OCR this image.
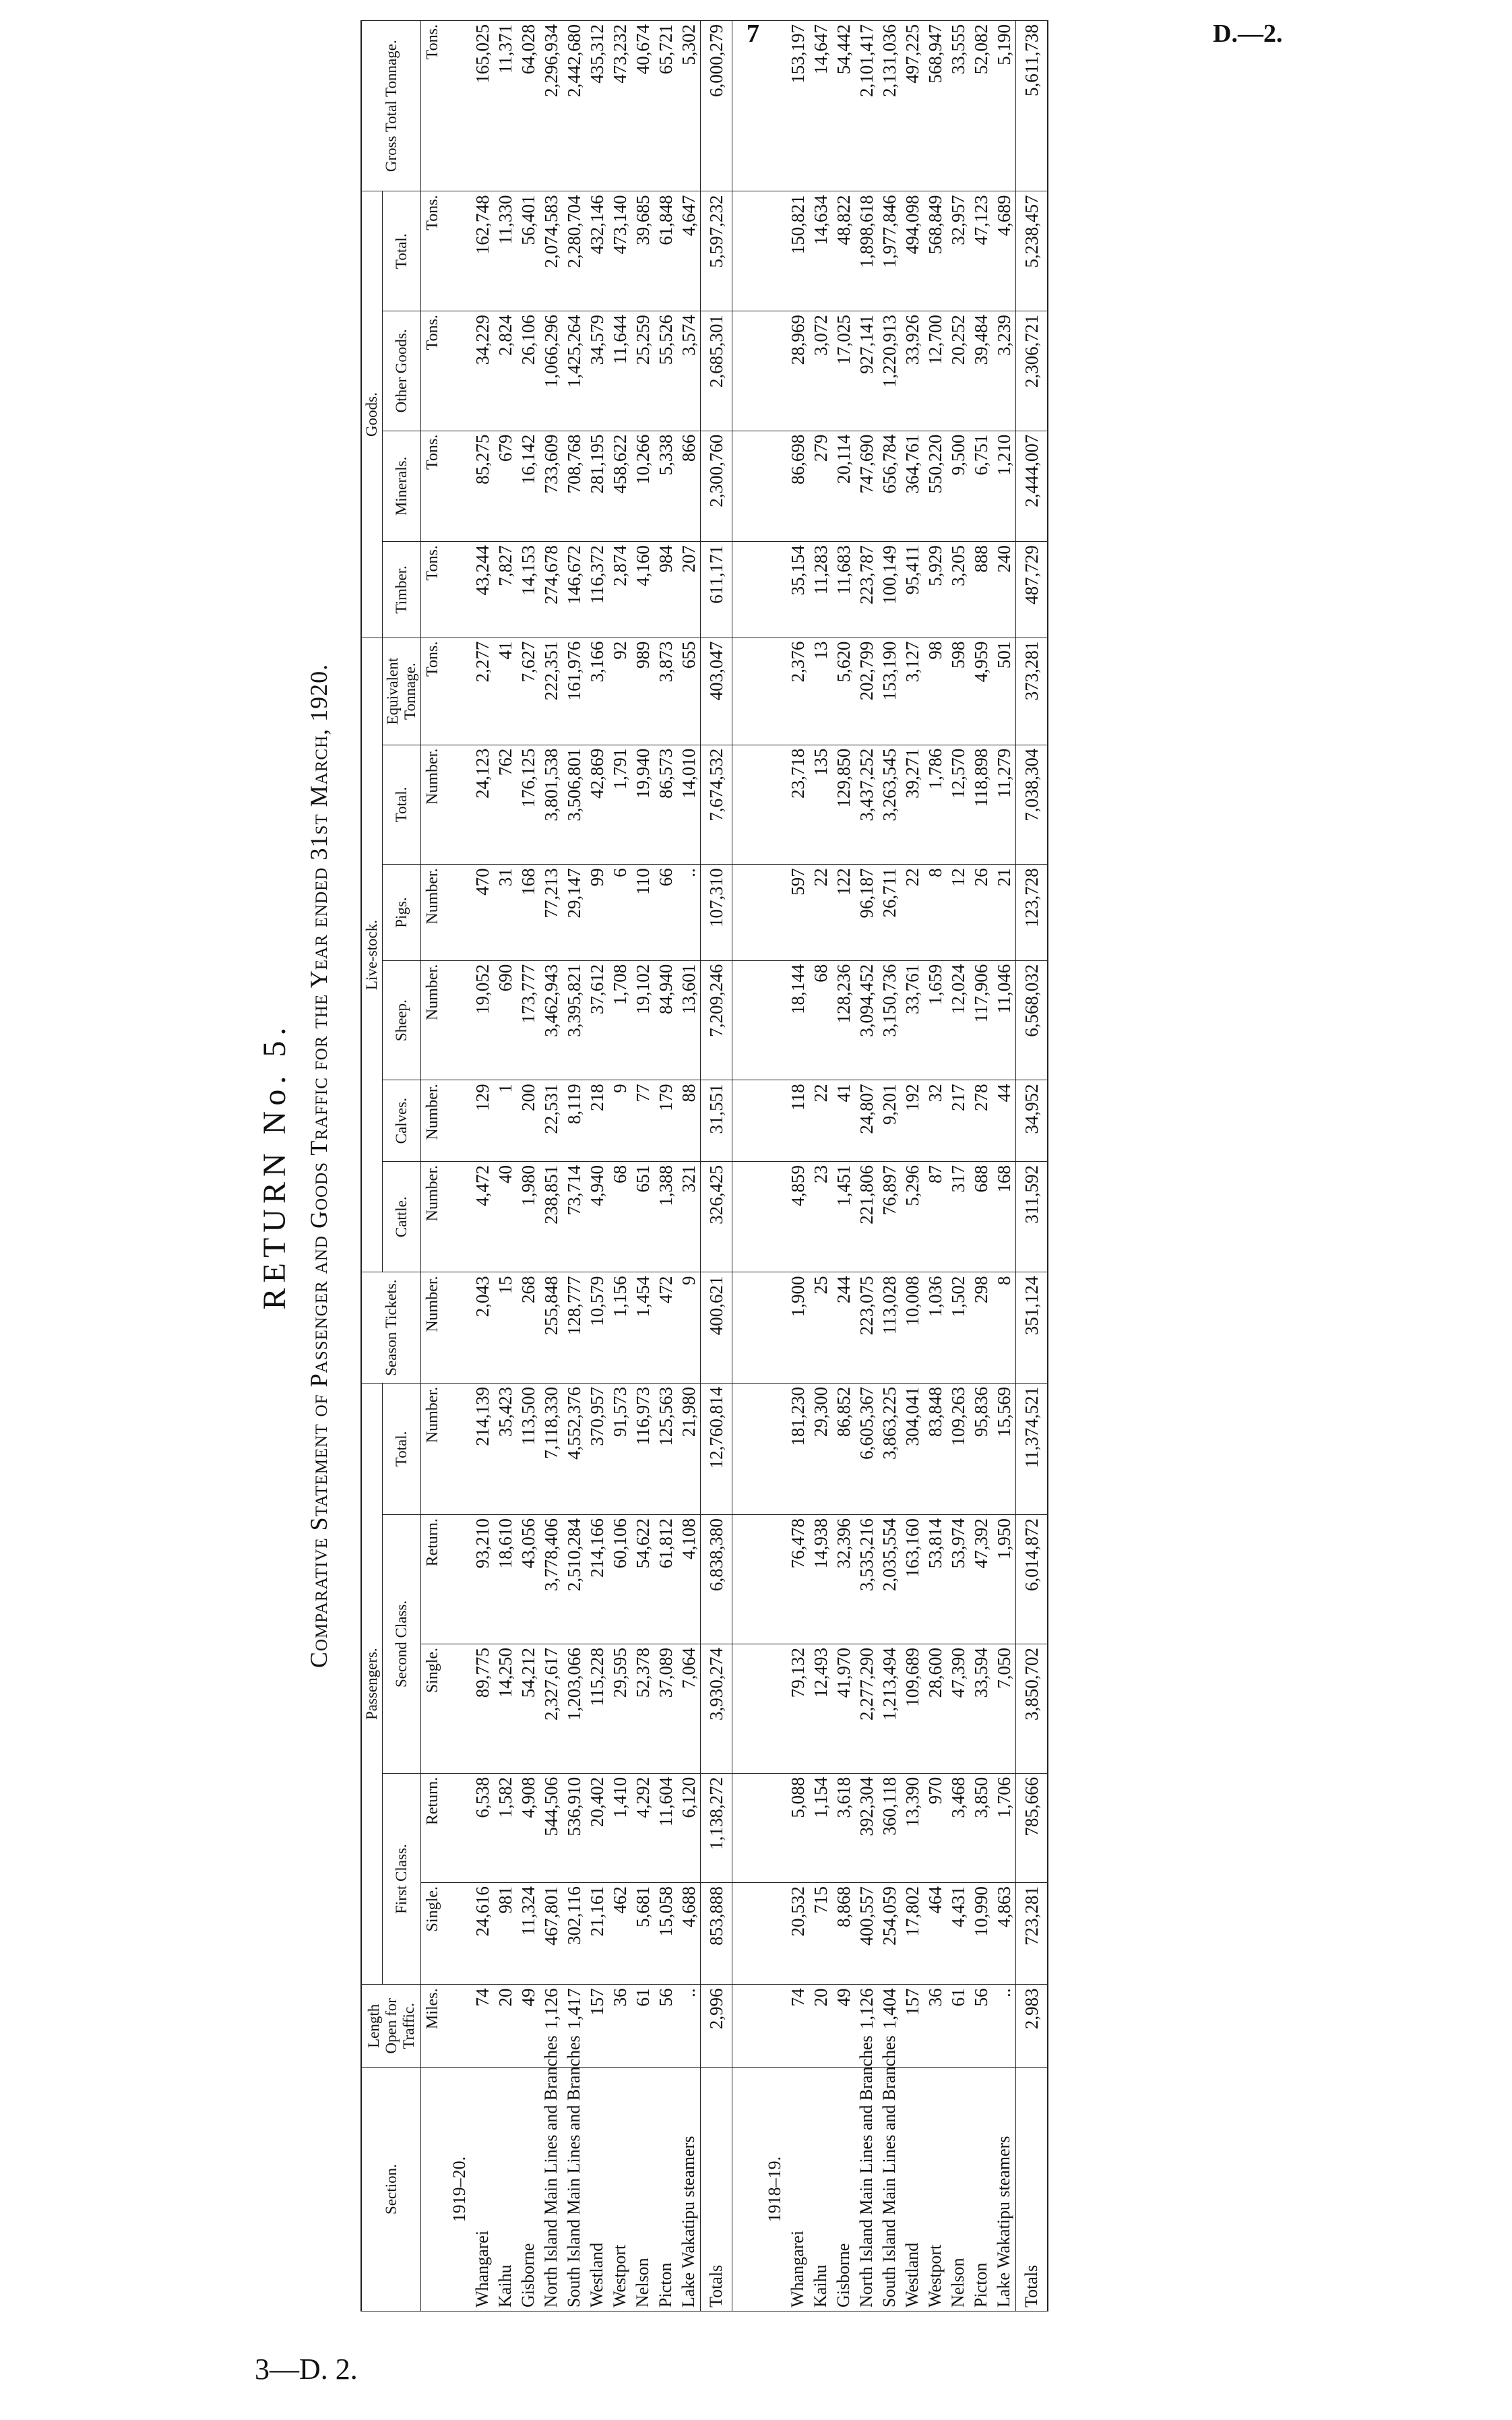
7	D.—2.
3—D. 2.
RETURN No. 5. Comparative Statement of Passenger and Goods Traffic for the Year ended 31st March, 1920.
Section.	Length Open for Traffic.	Passengers.					Season Tickets.	Live-stock.						Goods.				Gross Total Tonnage.
		First Class.		Second Class.		Total.		Cattle.	Calves.	Sheep.	Pigs.	Total.	Equivalent Tonnage.	Timber.	Minerals.	Other Goods.	Total.	

	Miles.	Single.	Return.	Single.	Return.	Number.	Number.	Number.	Number.	Number.	Number.	Number.	Tons.	Tons.	Tons.	Tons.	Tons.	Tons.
1919–20.																		
Whangarei	74	24,616	6,538	89,775	93,210	214,139	2,043	4,472	129	19,052	470	24,123	2,277	43,244	85,275	34,229	162,748	165,025
Kaihu	20	981	1,582	14,250	18,610	35,423	15	40	1	690	31	762	41	7,827	679	2,824	11,330	11,371
Gisborne	49	11,324	4,908	54,212	43,056	113,500	268	1,980	200	173,777	168	176,125	7,627	14,153	16,142	26,106	56,401	64,028
North Island Main Lines and Branches	1,126	467,801	544,506	2,327,617	3,778,406	7,118,330	255,848	238,851	22,531	3,462,943	77,213	3,801,538	222,351	274,678	733,609	1,066,296	2,074,583	2,296,934
South Island Main Lines and Branches	1,417	302,116	536,910	1,203,066	2,510,284	4,552,376	128,777	73,714	8,119	3,395,821	29,147	3,506,801	161,976	146,672	708,768	1,425,264	2,280,704	2,442,680
Westland	157	21,161	20,402	115,228	214,166	370,957	10,579	4,940	218	37,612	99	42,869	3,166	116,372	281,195	34,579	432,146	435,312
Westport	36	462	1,410	29,595	60,106	91,573	1,156	68	9	1,708	6	1,791	92	2,874	458,622	11,644	473,140	473,232
Nelson	61	5,681	4,292	52,378	54,622	116,973	1,454	651	77	19,102	110	19,940	989	4,160	10,266	25,259	39,685	40,674
Picton	56	15,058	11,604	37,089	61,812	125,563	472	1,388	179	84,940	66	86,573	3,873	984	5,338	55,526	61,848	65,721
Lake Wakatipu steamers	..	4,688	6,120	7,064	4,108	21,980	9	321	88	13,601	..	14,010	655	207	866	3,574	4,647	5,302
Totals	2,996	853,888	1,138,272	3,930,274	6,838,380	12,760,814	400,621	326,425	31,551	7,209,246	107,310	7,674,532	403,047	611,171	2,300,760	2,685,301	5,597,232	6,000,279

1918–19.																		
Whangarei	74	20,532	5,088	79,132	76,478	181,230	1,900	4,859	118	18,144	597	23,718	2,376	35,154	86,698	28,969	150,821	153,197
Kaihu	20	715	1,154	12,493	14,938	29,300	25	23	22	68	22	135	13	11,283	279	3,072	14,634	14,647
Gisborne	49	8,868	3,618	41,970	32,396	86,852	244	1,451	41	128,236	122	129,850	5,620	11,683	20,114	17,025	48,822	54,442
North Island Main Lines and Branches	1,126	400,557	392,304	2,277,290	3,535,216	6,605,367	223,075	221,806	24,807	3,094,452	96,187	3,437,252	202,799	223,787	747,690	927,141	1,898,618	2,101,417
South Island Main Lines and Branches	1,404	254,059	360,118	1,213,494	2,035,554	3,863,225	113,028	76,897	9,201	3,150,736	26,711	3,263,545	153,190	100,149	656,784	1,220,913	1,977,846	2,131,036
Westland	157	17,802	13,390	109,689	163,160	304,041	10,008	5,296	192	33,761	22	39,271	3,127	95,411	364,761	33,926	494,098	497,225
Westport	36	464	970	28,600	53,814	83,848	1,036	87	32	1,659	8	1,786	98	5,929	550,220	12,700	568,849	568,947
Nelson	61	4,431	3,468	47,390	53,974	109,263	1,502	317	217	12,024	12	12,570	598	3,205	9,500	20,252	32,957	33,555
Picton	56	10,990	3,850	33,594	47,392	95,836	298	688	278	117,906	26	118,898	4,959	888	6,751	39,484	47,123	52,082
Lake Wakatipu steamers	..	4,863	1,706	7,050	1,950	15,569	8	168	44	11,046	21	11,279	501	240	1,210	3,239	4,689	5,190
Totals	2,983	723,281	785,666	3,850,702	6,014,872	11,374,521	351,124	311,592	34,952	6,568,032	123,728	7,038,304	373,281	487,729	2,444,007	2,306,721	5,238,457	5,611,738
